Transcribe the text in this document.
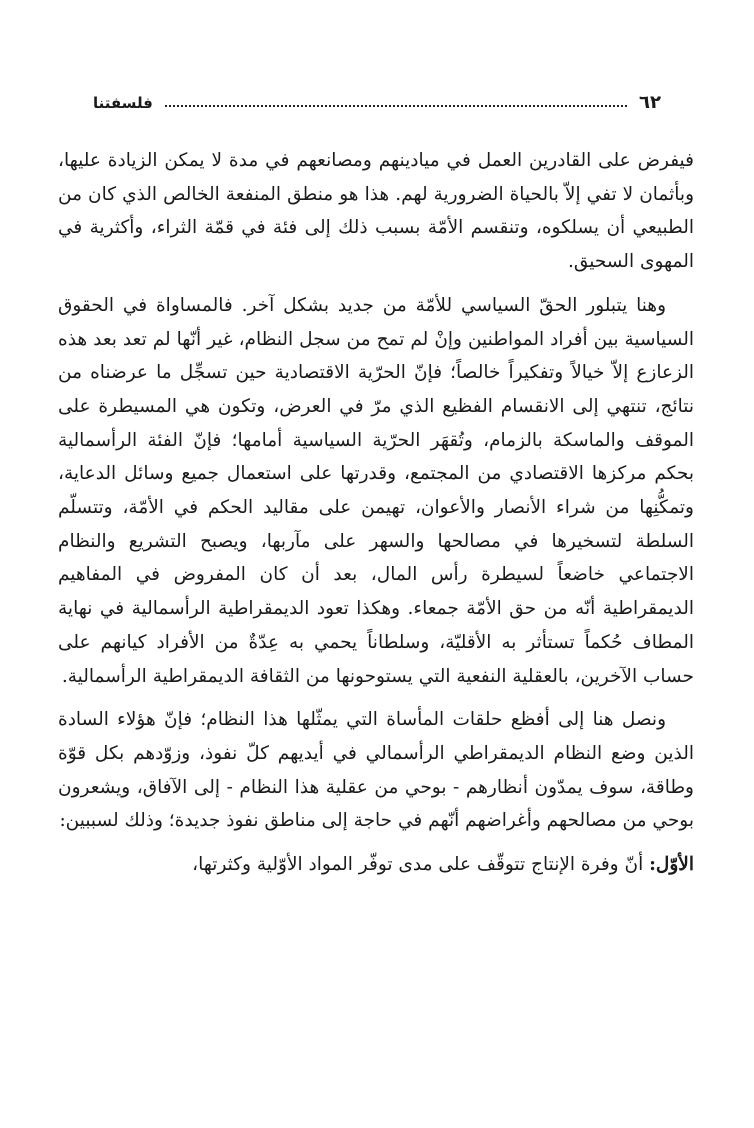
٦٢
فلسفتنا

فيفرض على القادرين العمل في ميادينهم ومصانعهم في مدة لا يمكن الزيادة عليها، وبأثمان لا تفي إلاّ بالحياة الضرورية لهم. هذا هو منطق المنفعة الخالص الذي كان من الطبيعي أن يسلكوه، وتنقسم الأمّة بسبب ذلك إلى فئة في قمّة الثراء، وأكثرية في المهوى السحيق.

وهنا يتبلور الحقّ السياسي للأمّة من جديد بشكل آخر. فالمساواة في الحقوق السياسية بين أفراد المواطنين وإنْ لم تمح من سجل النظام، غير أنّها لم تعد بعد هذه الزعازع إلاّ خيالاً وتفكيراً خالصاً؛ فإنّ الحرّية الاقتصادية حين تسجِّل ما عرضناه من نتائج، تنتهي إلى الانقسام الفظيع الذي مرّ في العرض، وتكون هي المسيطرة على الموقف والماسكة بالزمام، وتُقهَر الحرّية السياسية أمامها؛ فإنّ الفئة الرأسمالية بحكم مركزها الاقتصادي من المجتمع، وقدرتها على استعمال جميع وسائل الدعاية، وتمكُّنِها من شراء الأنصار والأعوان، تهيمن على مقاليد الحكم في الأمّة، وتتسلّم السلطة لتسخيرها في مصالحها والسهر على مآربها، ويصبح التشريع والنظام الاجتماعي خاضعاً لسيطرة رأس المال، بعد أن كان المفروض في المفاهيم الديمقراطية أنّه من حق الأمّة جمعاء. وهكذا تعود الديمقراطية الرأسمالية في نهاية المطاف حُكماً تستأثر به الأقليّة، وسلطاناً يحمي به عِدّةٌ من الأفراد كيانهم على حساب الآخرين، بالعقلية النفعية التي يستوحونها من الثقافة الديمقراطية الرأسمالية.

ونصل هنا إلى أفظع حلقات المأساة التي يمثّلها هذا النظام؛ فإنّ هؤلاء السادة الذين وضع النظام الديمقراطي الرأسمالي في أيديهم كلّ نفوذ، وزوّدهم بكل قوّة وطاقة، سوف يمدّون أنظارهم - بوحي من عقلية هذا النظام - إلى الآفاق، ويشعرون بوحي من مصالحهم وأغراضهم أنّهم في حاجة إلى مناطق نفوذ جديدة؛ وذلك لسببين:

الأوّل: أنّ وفرة الإنتاج تتوقّف على مدى توفّر المواد الأوّلية وكثرتها،
